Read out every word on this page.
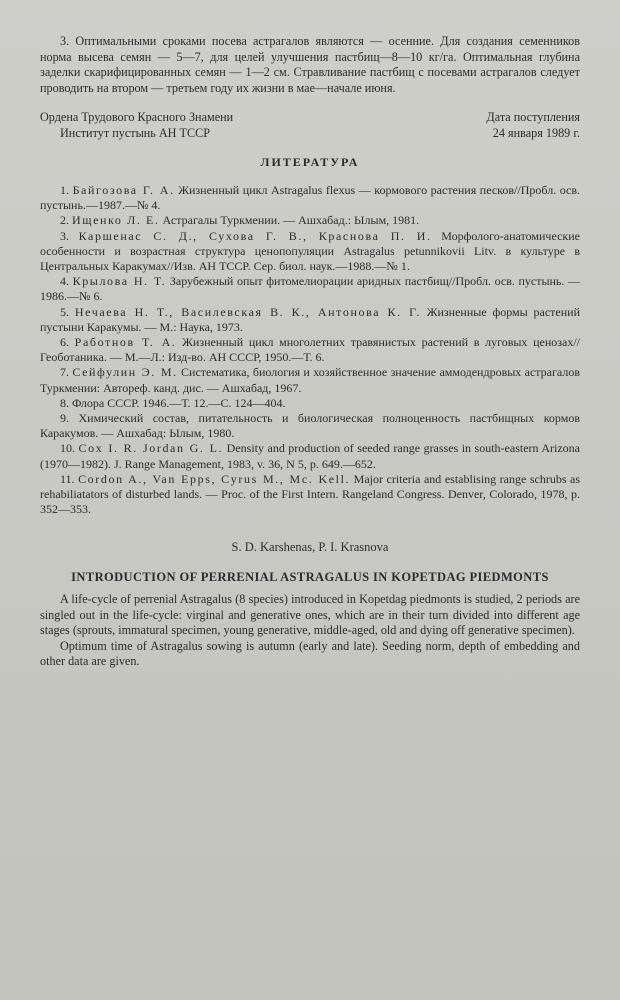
3. Оптимальными сроками посева астрагалов являются — осенние. Для создания семенников норма высева семян — 5—7, для целей улучшения пастбищ—8—10 кг/га. Оптимальная глубина заделки скарифицированных семян — 1—2 см. Стравливание пастбищ с посевами астрагалов следует проводить на втором — третьем году их жизни в мае—начале июня.

Ордена Трудового Красного Знамени

Институт пустынь АН ТССР

Дата поступления

24 января 1989 г.

ЛИТЕРАТУРА

1. Байгозова Г. А. Жизненный цикл Astragalus flexus — кормового растения песков//Пробл. осв. пустынь.—1987.—№ 4.

2. Ищенко Л. Е. Астрагалы Туркмении. — Ашхабад.: Ылым, 1981.

3. Каршенас С. Д., Сухова Г. В., Краснова П. И. Морфолого-анатомические особенности и возрастная структура ценопопуляции Astragalus petunnikovii Litv. в культуре в Центральных Каракумах//Изв. АН ТССР. Сер. биол. наук.—1988.—№ 1.

4. Крылова Н. Т. Зарубежный опыт фитомелиорации аридных пастбищ//Пробл. осв. пустынь. — 1986.—№ 6.

5. Нечаева Н. Т., Василевская В. К., Антонова К. Г. Жизненные формы растений пустыни Каракумы. — М.: Наука, 1973.

6. Работнов Т. А. Жизненный цикл многолетних травянистых растений в луговых ценозах//Геоботаника. — М.—Л.: Изд-во. АН СССР, 1950.—Т. 6.

7. Сейфулин Э. М. Систематика, биология и хозяйственное значение аммодендровых астрагалов Туркмении: Автореф. канд. дис. — Ашхабад, 1967.

8. Флора СССР. 1946.—Т. 12.—С. 124—404.

9. Химический состав, питательность и биологическая полноценность пастбищных кормов Каракумов. — Ашхабад: Ылым, 1980.

10. Cox I. R. Jordan G. L. Density and production of seeded range grasses in south-eastern Arizona (1970—1982). J. Range Management, 1983, v. 36, N 5, p. 649.—652.

11. Cordon A., Van Epps, Cyrus M., Mc. Kell. Major criteria and establising range schrubs as rehabiliatators of disturbed lands. — Proc. of the First Intern. Rangeland Congress. Denver, Colorado, 1978, p. 352—353.

S. D. Karshenas, P. I. Krasnova

INTRODUCTION OF PERRENIAL ASTRAGALUS IN KOPETDAG PIEDMONTS

A life-cycle of perrenial Astragalus (8 species) introduced in Kopetdag piedmonts is studied, 2 periods are singled out in the life-cycle: virginal and generative ones, which are in their turn divided into different age stages (sprouts, immatural specimen, young generative, middle-aged, old and dying off generative specimen).

Optimum time of Astragalus sowing is autumn (early and late). Seeding norm, depth of embedding and other data are given.
